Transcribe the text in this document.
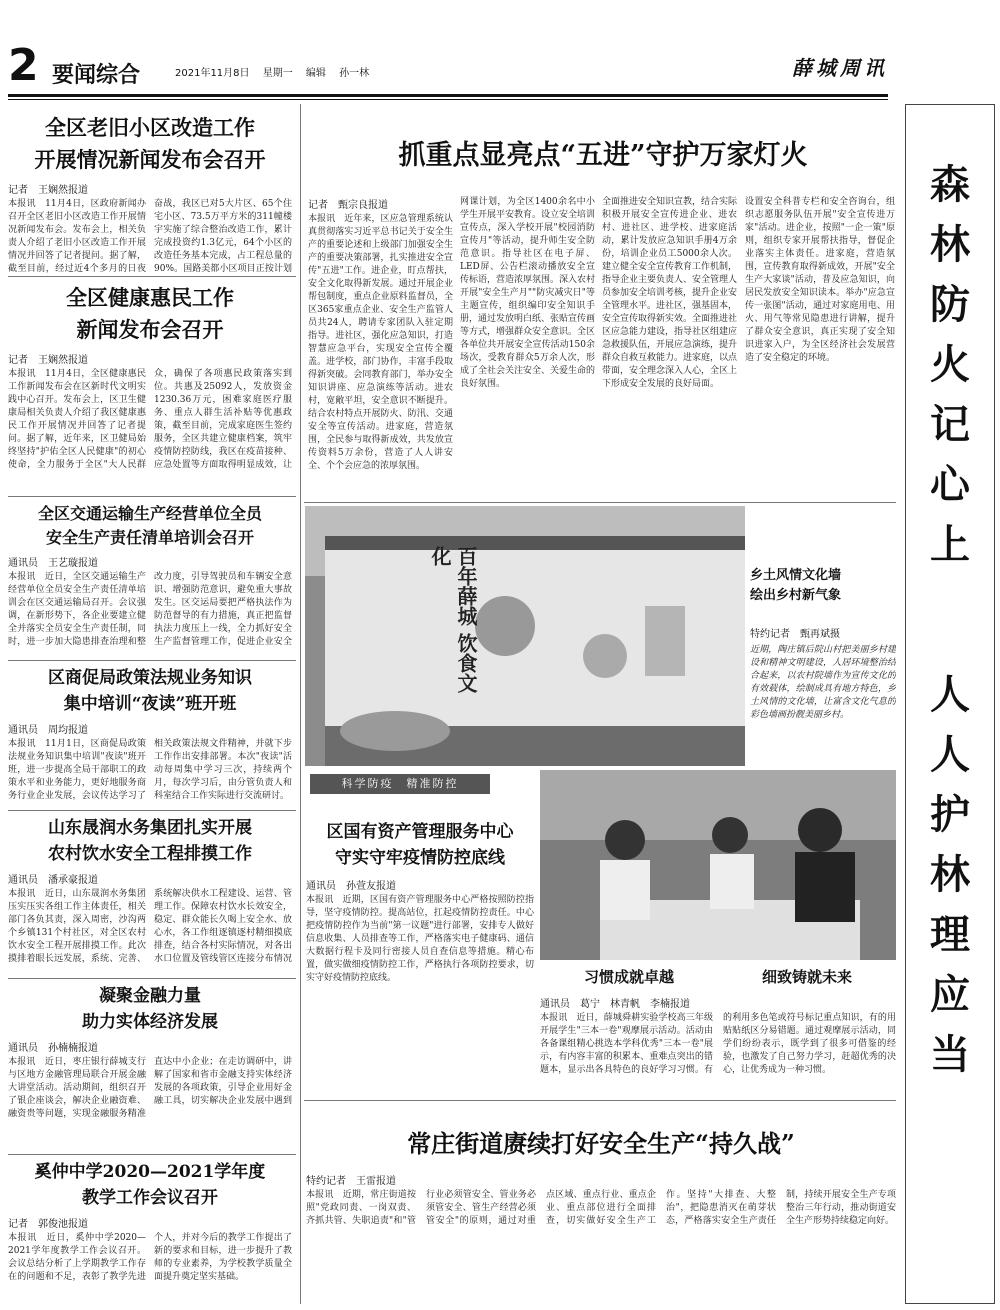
2 要闻综合	2021年11月8日 星期一 编辑 孙一林	薛城周讯
森
林
防
火
记
心
上
人
人
护
林
理
应
当
全区老旧小区改造工作
开展情况新闻发布会召开
记者　王娴然报道
本报讯　11月4日，区政府新闻办召开全区老旧小区改造工作开展情况新闻发布会。发布会上，相关负责人介绍了老旧小区改造工作开展情况并回答了记者提问。据了解，截至目前，经过近4个多月的日夜奋战，我区已对5大片区、65个住宅小区、73.5万平方米的311幢楼宇实施了综合整治改造工作，累计完成投资约1.3亿元，64个小区的改造任务基本完成，占工程总量的90%。国路美都小区项目正按计划
全区健康惠民工作
新闻发布会召开
记者　王娴然报道
本报讯　11月4日，全区健康惠民工作新闻发布会在区新时代文明实践中心召开。发布会上，区卫生健康局相关负责人介绍了我区健康惠民工作开展情况并回答了记者提问。据了解，近年来，区卫健局始终坚持"护佑全区人民健康"的初心使命，全力服务于全区"大人民群众，确保了各项惠民政策落实到位。共惠及25092人，发放资金1230.36万元，困难家庭医疗服务、重点人群生活补贴等优惠政策，截至目前，完成家庭医生签约服务，全区共建立健康档案，筑牢疫情防控防线，我区在疫苗接种、应急处置等方面取得明显成效，让
全区交通运输生产经营单位全员
安全生产责任清单培训会召开
通讯员　王艺璇报道
本报讯　近日，全区交通运输生产经营单位全员安全生产责任清单培训会在区交通运输局召开。会议强调，在新形势下，各企业要建立健全并落实全员安全生产责任制，同时，进一步加大隐患排查治理和整改力度，引导驾驶员和车辆安全意识、增强防范意识，避免重大事故发生。区交运局要把严格执法作为防范督导的有力措施，真正把监督执法力度压上一线，全力抓好安全生产监督管理工作，促进企业安全
区商促局政策法规业务知识
集中培训“夜读”班开班
通讯员　周均报道
本报讯　11月1日，区商促局政策法规业务知识集中培训"夜读"班开班，进一步提高全局干部职工的政策水平和业务能力，更好地服务商务行业企业发展，会议传达学习了相关政策法规文件精神，并就下步工作作出安排部署。本次"夜读"活动每周集中学习三次，持续两个月，每次学习后，由分管负责人和科室结合工作实际进行交流研讨。
山东晟润水务集团扎实开展
农村饮水安全工程排摸工作
通讯员　潘承豪报道
本报讯　近日，山东晟润水务集团压实压实各组工作主体责任，相关部门各负其责，深入周密，沙沟两个乡镇131个村社区，对全区农村饮水安全工程开展排摸工作。此次摸排着眼长远发展，系统、完善、系统解决供水工程建设、运营、管理工作。保障农村饮水长效安全，稳定、群众能长久喝上安全水、放心水，各工作组逐镇逐村精细摸底排查，结合各村实际情况，对各出水口位置及管线管区连接分布情况
凝聚金融力量
助力实体经济发展
通讯员　孙楠楠报道
本报讯　近日，枣庄银行薛城支行与区地方金融管理局联合开展金融大讲堂活动。活动期间，组织召开了银企座谈会，解决企业融资难、融资贵等问题，实现金融服务精准直达中小企业；在走访调研中，讲解了国家和省市金融支持实体经济发展的各项政策，引导企业用好金融工具，切实解决企业发展中遇到
奚仲中学2020—2021学年度
教学工作会议召开
记者　郭俊池报道
本报讯　近日，奚仲中学2020—2021学年度教学工作会议召开。会议总结分析了上学期教学工作存在的问题和不足，表彰了教学先进个人，并对今后的教学工作提出了新的要求和目标，进一步提升了教师的专业素养，为学校教学质量全面提升奠定坚实基础。
抓重点显亮点“五进”守护万家灯火
记者　甄宗良报道
本报讯　近年来，区应急管理系统认真贯彻落实习近平总书记关于安全生产的重要论述和上级部门加强安全生产的重要决策部署，扎实推进安全宣传"五进"工作。进企业，盯点帮扶，安全文化取得新发展。通过开展企业帮包制度，重点企业原料监督员，全区365家重点企业、安全生产监管人员共24人，聘请专家团队入驻定期指导。进社区，强化应急知识，打造智慧应急平台，实现安全宣传全覆盖。进学校，部门协作，丰富手段取得新突破。会同教育部门，举办安全知识讲座、应急演练等活动。进农村，宽敞平坦，安全意识不断提升。结合农村特点开展防火、防汛、交通安全等宣传活动。进家庭，营造氛围，全民参与取得新成效，共发放宣传资料5万余份，营造了人人讲安全、个个会应急的浓厚氛围。
网课计划，为全区1400余名中小学生开展平安教育。设立安全培训宣传点，深入学校开展"校园消防宣传月"等活动，提升师生安全防范意识。指导社区在电子屏、LED屏、公告栏滚动播放安全宣传标语，营造浓厚氛围。深入农村开展"安全生产月""防灾减灾日"等主题宣传，组织编印安全知识手册，通过发放明白纸、张贴宣传画等方式，增强群众安全意识。全区各单位共开展安全宣传活动150余场次，受教育群众5万余人次，形成了全社会关注安全、关爱生命的良好氛围。
全面推进安全知识宣教，结合实际积极开展安全宣传进企业、进农村、进社区、进学校、进家庭活动，累计发放应急知识手册4万余份，培训企业员工5000余人次。建立健全安全宣传教育工作机制，指导企业主要负责人、安全管理人员参加安全培训考核，提升企业安全管理水平。进社区，强基固本，安全宣传取得新实效。全面推进社区应急能力建设，指导社区组建应急救援队伍，开展应急演练，提升群众自救互救能力。进家庭，以点带面，安全理念深入人心，全区上下形成安全发展的良好局面。
设置安全科普专栏和安全咨询台，组织志愿服务队伍开展"安全宣传进万家"活动。进企业，按照"一企一策"原则，组织专家开展帮扶指导，督促企业落实主体责任。进家庭，营造氛围，宣传教育取得新成效，开展"安全生产大家谈"活动，普及应急知识，向居民发放安全知识读本。举办"应急宣传一张图"活动，通过对家庭用电、用火、用气等常见隐患进行讲解，提升了群众安全意识，真正实现了安全知识进家入户，为全区经济社会发展营造了安全稳定的环境。
百年薛城 饮食文化
乡土风情文化墙
绘出乡村新气象
特约记者　甄再斌摄
近期，陶庄镇后院山村把美丽乡村建设和精神文明建设，人居环境整治结合起来，以农村院墙作为宣传文化的有效载体，绘制成具有地方特色，乡土风情的文化墙，让富含文化气息的彩色墙画扮靓美丽乡村。
科学防疫　精准防控
区国有资产管理服务中心
守实守牢疫情防控底线
通讯员　孙萱友报道
本报讯　近期，区国有资产管理服务中心严格按照防控指导，坚守疫情防控。提高站位，扛起疫情防控责任。中心把疫情防控作为当前"第一议题"进行部署，安排专人做好信息收集、人员排查等工作，严格落实电子健康码、通信大数据行程卡及同行密接人员自查信息等措施。精心布置，做实做细疫情防控工作，严格执行各项防控要求，切实守好疫情防控底线。	习惯成就卓越	细致铸就未来
通讯员　葛宁　林青帆　李楠报道
本报讯　近日，薛城舜耕实验学校高三年级开展学生"三本一卷"观摩展示活动。活动由各备课组精心挑选本学科优秀"三本一卷"展示，有内容丰富的积累本、重难点突出的错题本，显示出各具特色的良好学习习惯。有的利用多色笔或符号标记重点知识，有的用贴贴纸区分易错题。通过观摩展示活动，同学们纷纷表示，既学到了很多可借鉴的经验，也激发了自己努力学习，赶超优秀的决心，让优秀成为一种习惯。
常庄街道赓续打好安全生产“持久战”
特约记者　王雷报道
本报讯　近期，常庄街道按照"党政同责、一岗双责、齐抓共管、失职追责"和"管行业必须管安全、管业务必须管安全、管生产经营必须管安全"的原则，通过对重点区域、重点行业、重点企业、重点部位进行全面排查，切实做好安全生产工作。坚持"大排查、大整治"，把隐患消灭在萌芽状态，严格落实安全生产责任制，持续开展安全生产专项整治三年行动，推动街道安全生产形势持续稳定向好。
